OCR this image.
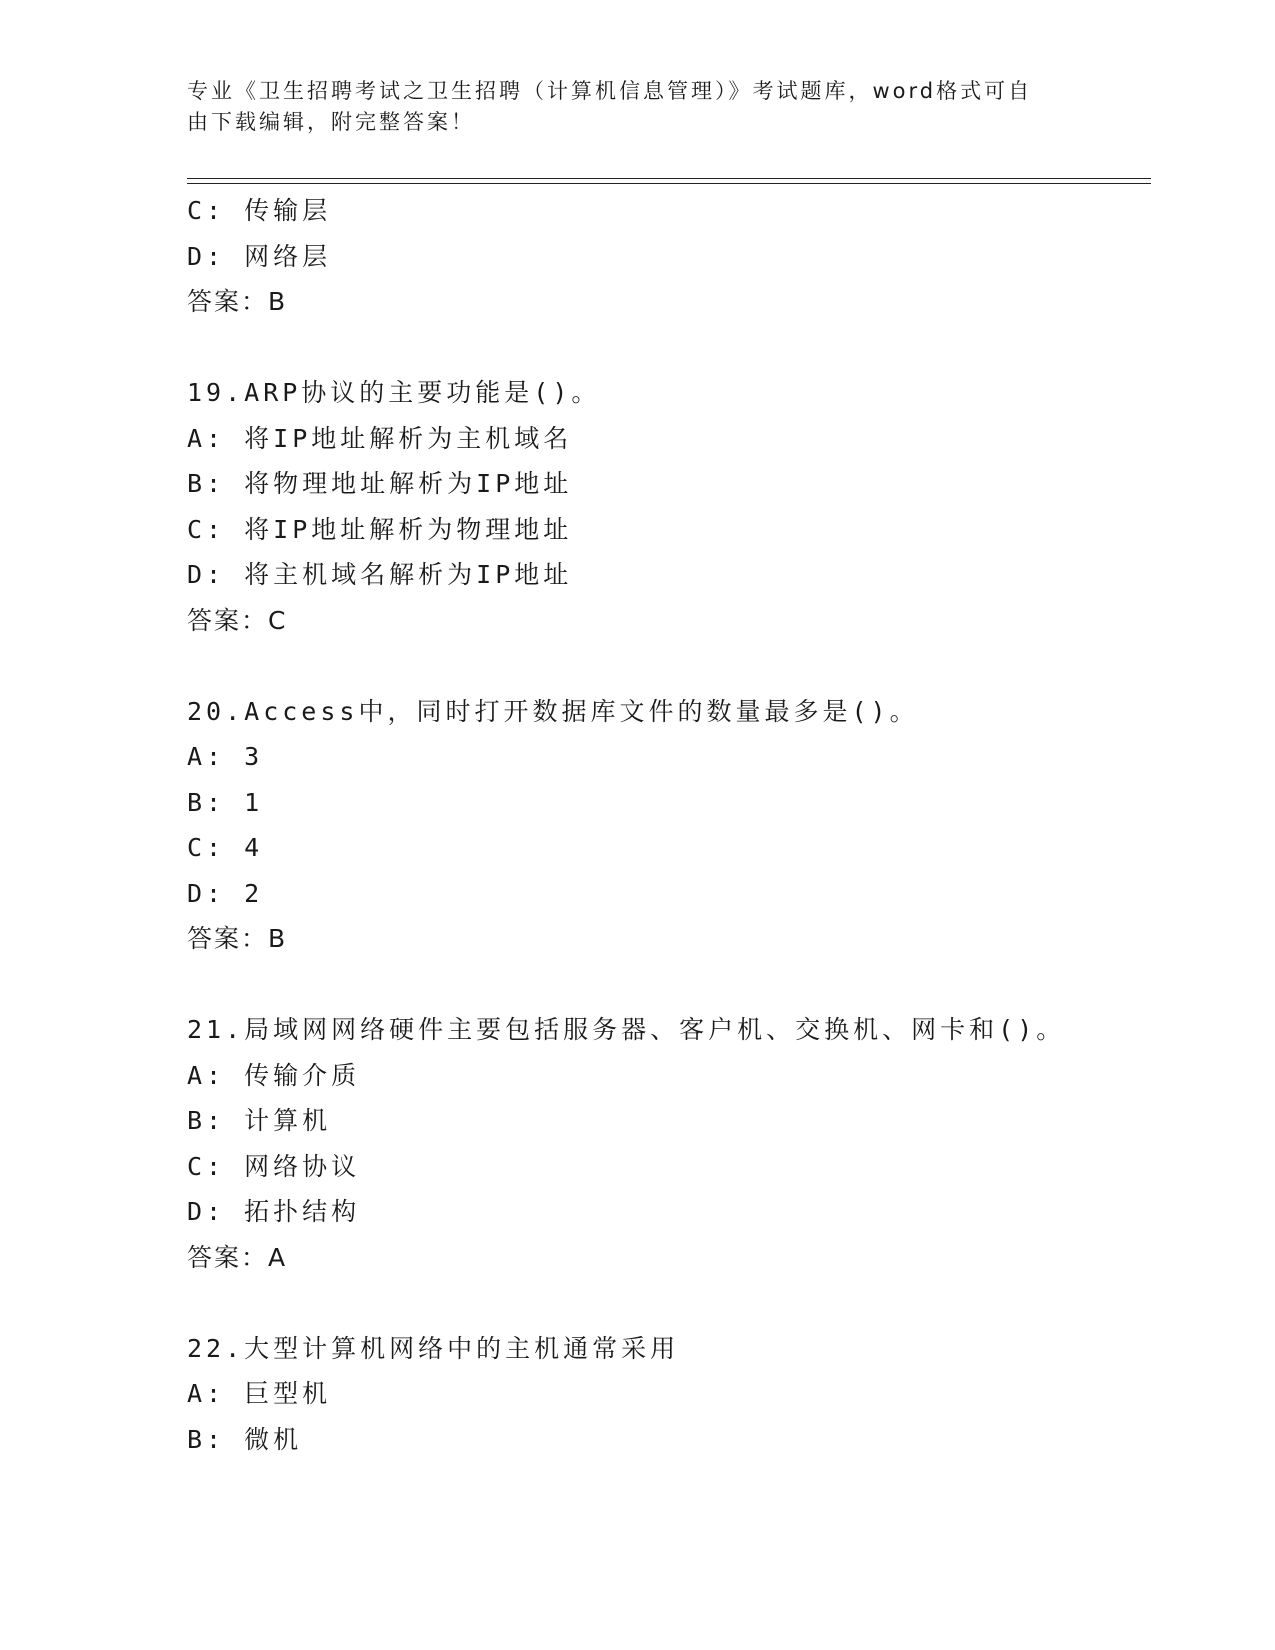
专业《卫生招聘考试之卫生招聘（计算机信息管理）》考试题库，word格式可自
由下载编辑，附完整答案！
C: 传输层
D: 网络层
答案：B
19.ARP协议的主要功能是()。
A: 将IP地址解析为主机域名
B: 将物理地址解析为IP地址
C: 将IP地址解析为物理地址
D: 将主机域名解析为IP地址
答案：C
20.Access中，同时打开数据库文件的数量最多是()。
A: 3
B: 1
C: 4
D: 2
答案：B
21.局域网网络硬件主要包括服务器、客户机、交换机、网卡和()。
A: 传输介质
B: 计算机
C: 网络协议
D: 拓扑结构
答案：A
22.大型计算机网络中的主机通常采用
A: 巨型机
B: 微机
